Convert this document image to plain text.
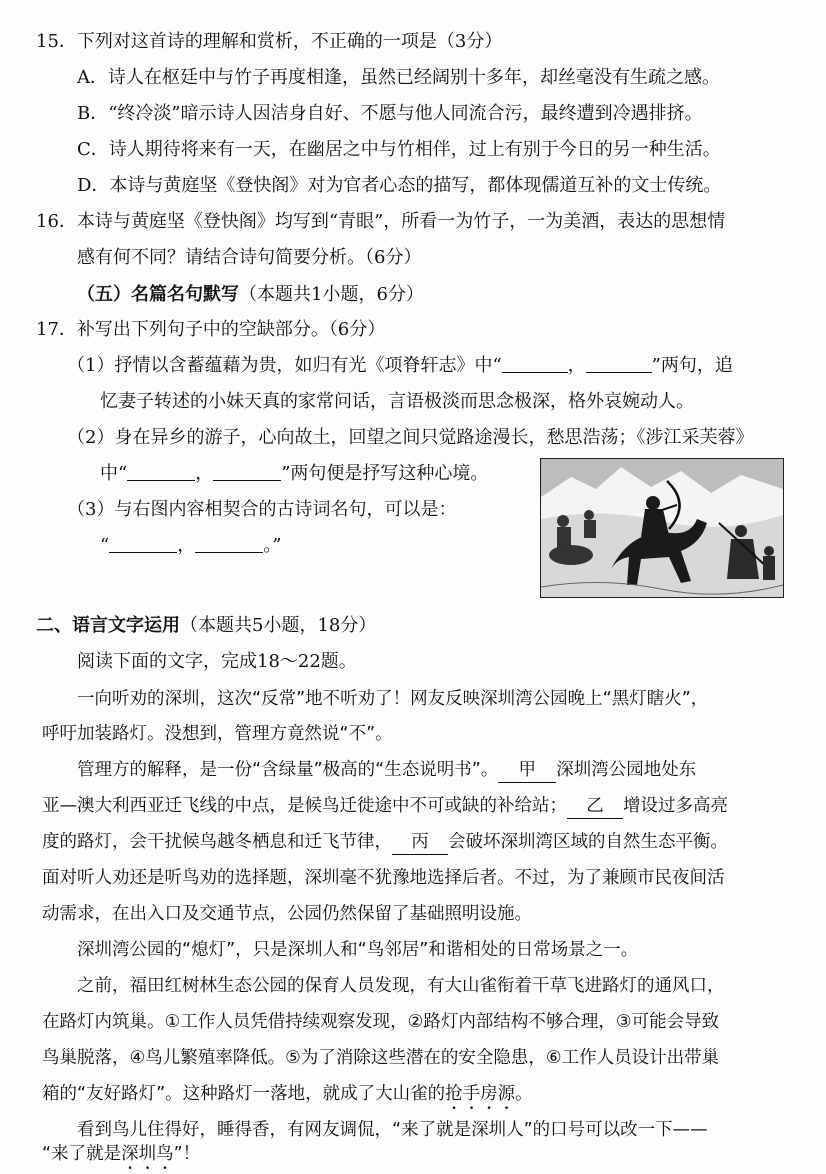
15．下列对这首诗的理解和赏析，不正确的一项是（3分）
A．诗人在枢廷中与竹子再度相逢，虽然已经阔别十多年，却丝毫没有生疏之感。
B．“终冷淡”暗示诗人因洁身自好、不愿与他人同流合污，最终遭到冷遇排挤。
C．诗人期待将来有一天，在幽居之中与竹相伴，过上有别于今日的另一种生活。
D．本诗与黄庭坚《登快阁》对为官者心态的描写，都体现儒道互补的文士传统。
16．本诗与黄庭坚《登快阁》均写到“青眼”，所看一为竹子，一为美酒，表达的思想情
感有何不同？请结合诗句简要分析。（6分）
（五）名篇名句默写（本题共1小题，6分）
17．补写出下列句子中的空缺部分。（6分）
（1）抒情以含蓄蕴藉为贵，如归有光《项脊轩志》中“	，	”两句，追
忆妻子转述的小妹天真的家常问话，言语极淡而思念极深，格外哀婉动人。
（2）身在异乡的游子，心向故土，回望之间只觉路途漫长，愁思浩荡；《涉江采芙蓉》
中“	，	”两句便是抒写这种心境。
（3）与右图内容相契合的古诗词名句，可以是：
“	，	。”
二、语言文字运用（本题共5小题，18分）
阅读下面的文字，完成18～22题。
一向听劝的深圳，这次“反常”地不听劝了！网友反映深圳湾公园晚上“黑灯瞎火”，
呼吁加装路灯。没想到，管理方竟然说“不”。
管理方的解释，是一份“含绿量”极高的“生态说明书”。 甲 深圳湾公园地处东
亚—澳大利西亚迁飞线的中点，是候鸟迁徙途中不可或缺的补给站； 乙 增设过多高亮
度的路灯，会干扰候鸟越冬栖息和迁飞节律， 丙 会破坏深圳湾区域的自然生态平衡。
面对听人劝还是听鸟劝的选择题，深圳毫不犹豫地选择后者。不过，为了兼顾市民夜间活
动需求，在出入口及交通节点，公园仍然保留了基础照明设施。
深圳湾公园的“熄灯”，只是深圳人和“鸟邻居”和谐相处的日常场景之一。
之前，福田红树林生态公园的保育人员发现，有大山雀衔着干草飞进路灯的通风口，
在路灯内筑巢。①工作人员凭借持续观察发现，②路灯内部结构不够合理，③可能会导致
鸟巢脱落，④鸟儿繁殖率降低。⑤为了消除这些潜在的安全隐患，⑥工作人员设计出带巢
箱的“友好路灯”。这种路灯一落地，就成了大山雀的抢手房源。
看到鸟儿住得好，睡得香，有网友调侃，“来了就是深圳人”的口号可以改一下——
“来了就是深圳鸟”！
